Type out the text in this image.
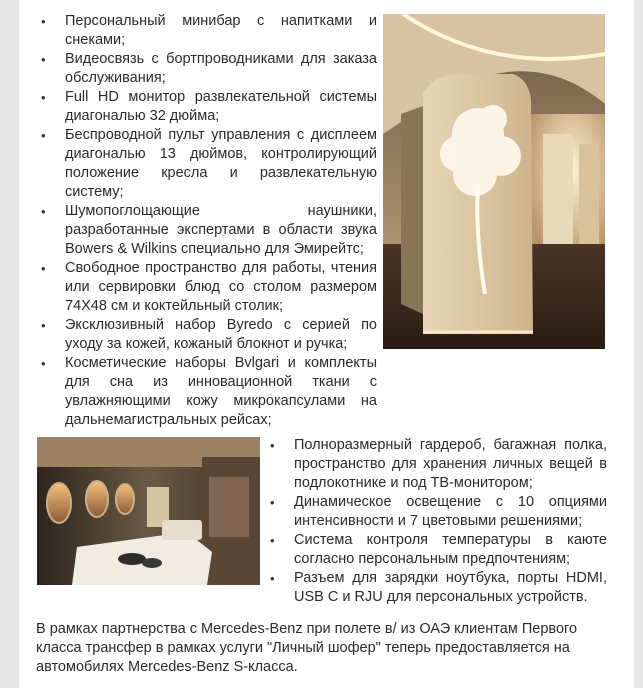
• Персональный минибар с напитками и снеками;
• Видеосвязь с бортпроводниками для заказа обслуживания;
• Full HD монитор развлекательной системы диагональю 32 дюйма;
• Беспроводной пульт управления с дисплеем диагональю 13 дюймов, контролирующий положение кресла и развлекательную систему;
• Шумопоглощающие наушники, разработанные экспертами в области звука Bowers & Wilkins специально для Эмирейтс;
• Свободное пространство для работы, чтения или сервировки блюд со столом размером 74X48 см и коктейльный столик;
• Эксклюзивный набор Byredo с серией по уходу за кожей, кожаный блокнот и ручка;
• Косметические наборы Bvlgari и комплекты для сна из инновационной ткани с увлажняющими кожу микрокапсулами на дальнемагистральных рейсах;
• Полноразмерный гардероб, багажная полка, пространство для хранения личных вещей в подлокотнике и под ТВ-монитором;
• Динамическое освещение с 10 опциями интенсивности и 7 цветовыми решениями;
• Система контроля температуры в каюте согласно персональным предпочтениям;
• Разъем для зарядки ноутбука, порты HDMI, USB C и RJU для персональных устройств.

В рамках партнерства с Mercedes-Benz при полете в/ из ОАЭ клиентам Первого класса трансфер в рамках услуги "Личный шофер" теперь предоставляется на автомобилях Mercedes-Benz S-класса.
